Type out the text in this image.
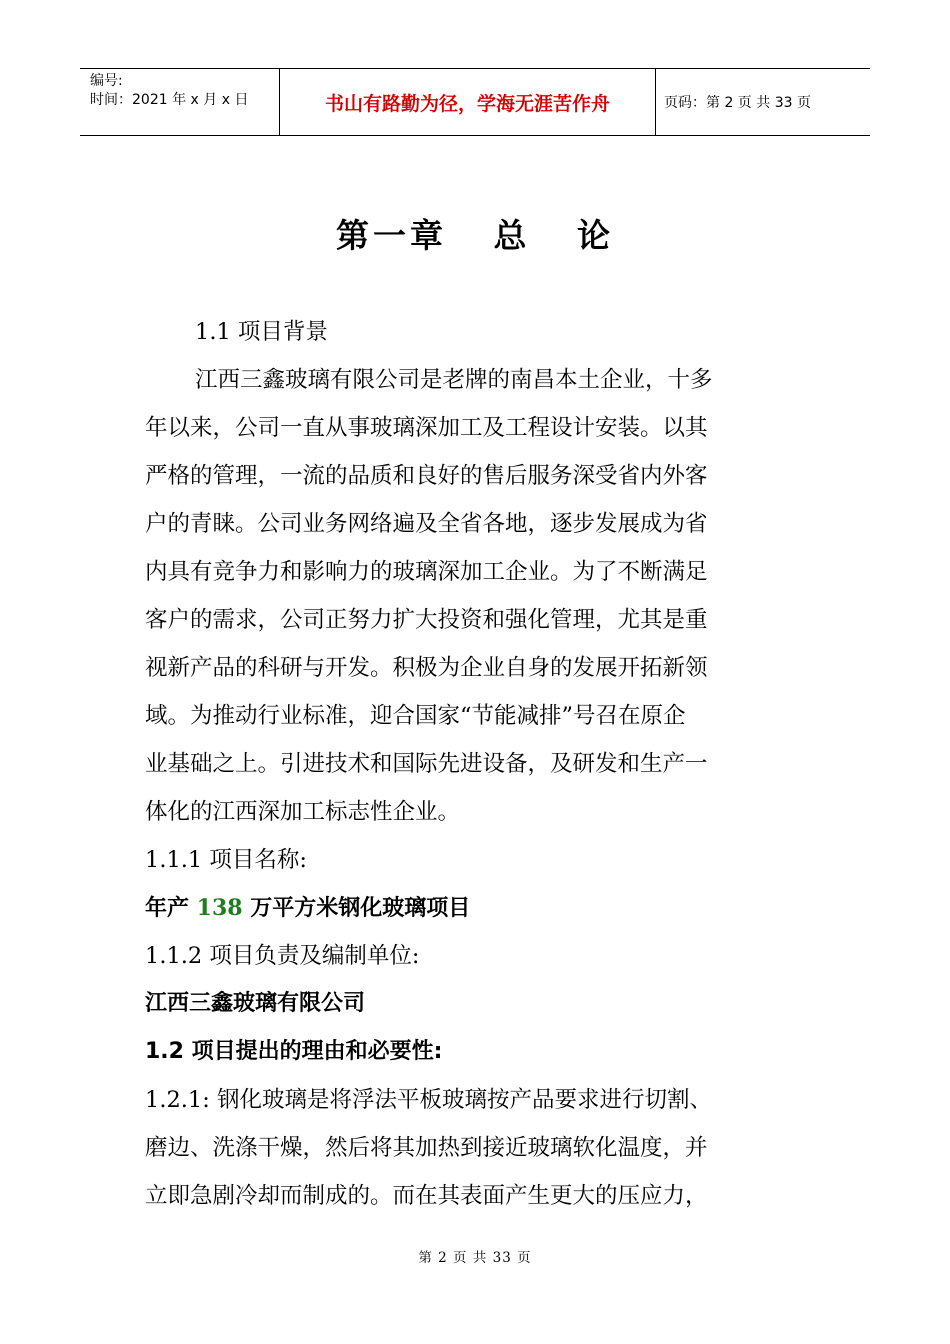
编号:
时间：2021 年 x 月 x 日	书山有路勤为径，学海无涯苦作舟	页码：第 2 页 共 33 页
第一章   总   论
1.1 项目背景
江西三鑫玻璃有限公司是老牌的南昌本土企业，十多
年以来，公司一直从事玻璃深加工及工程设计安装。以其
严格的管理，一流的品质和良好的售后服务深受省内外客
户的青睐。公司业务网络遍及全省各地，逐步发展成为省
内具有竞争力和影响力的玻璃深加工企业。为了不断满足
客户的需求，公司正努力扩大投资和强化管理，尤其是重
视新产品的科研与开发。积极为企业自身的发展开拓新领
域。为推动行业标准，迎合国家“节能减排”号召在原企
业基础之上。引进技术和国际先进设备，及研发和生产一
体化的江西深加工标志性企业。
1.1.1 项目名称:
年产 138 万平方米钢化玻璃项目
1.1.2 项目负责及编制单位:
江西三鑫玻璃有限公司
1.2 项目提出的理由和必要性:
1.2.1: 钢化玻璃是将浮法平板玻璃按产品要求进行切割、
磨边、洗涤干燥，然后将其加热到接近玻璃软化温度，并
立即急剧冷却而制成的。而在其表面产生更大的压应力，
第 2 页 共 33 页
